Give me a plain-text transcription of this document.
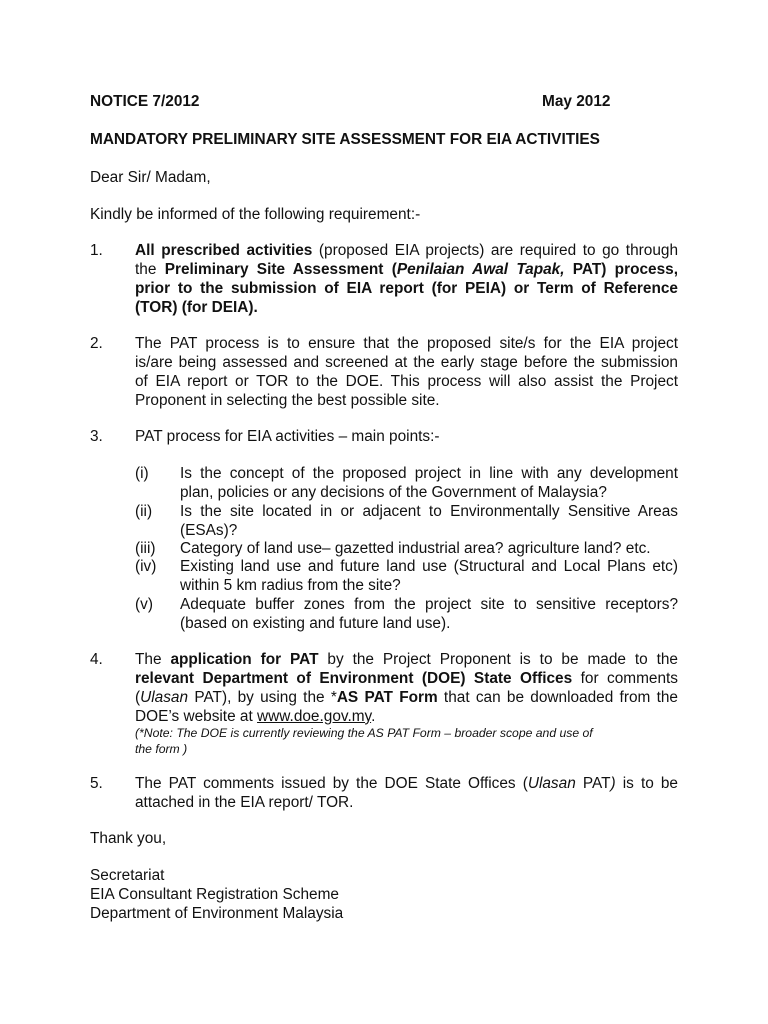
NOTICE 7/2012	May 2012
MANDATORY PRELIMINARY SITE ASSESSMENT FOR EIA ACTIVITIES
Dear Sir/ Madam,
Kindly be informed of the following requirement:-
1. All prescribed activities (proposed EIA projects) are required to go through
the Preliminary Site Assessment (Penilaian Awal Tapak, PAT) process,
prior to the submission of EIA report (for PEIA) or Term of Reference
(TOR) (for DEIA).
2. The PAT process is to ensure that the proposed site/s for the EIA project
is/are being assessed and screened at the early stage before the submission
of EIA report or TOR to the DOE. This process will also assist the Project
Proponent in selecting the best possible site.
3. PAT process for EIA activities – main points:-
(i) Is the concept of the proposed project in line with any development
plan, policies or any decisions of the Government of Malaysia?
(ii) Is the site located in or adjacent to Environmentally Sensitive Areas
(ESAs)?
(iii) Category of land use– gazetted industrial area? agriculture land? etc.
(iv) Existing land use and future land use (Structural and Local Plans etc)
within 5 km radius from the site?
(v) Adequate buffer zones from the project site to sensitive receptors?
(based on existing and future land use).
4. The application for PAT by the Project Proponent is to be made to the
relevant Department of Environment (DOE) State Offices for comments
(Ulasan PAT), by using the *AS PAT Form that can be downloaded from the
DOE’s website at www.doe.gov.my.
(*Note: The DOE is currently reviewing the AS PAT Form – broader scope and use of
the form )
5. The PAT comments issued by the DOE State Offices (Ulasan PAT) is to be
attached in the EIA report/ TOR.
Thank you,
Secretariat
EIA Consultant Registration Scheme
Department of Environment Malaysia
